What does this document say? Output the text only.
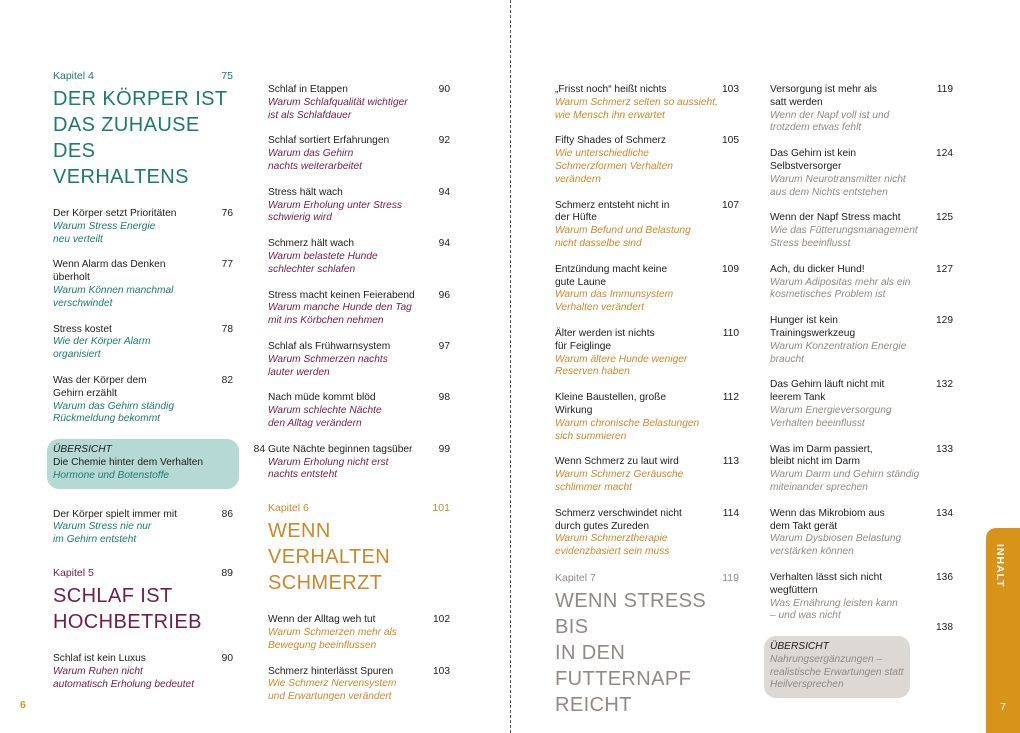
Kapitel 4	75
DER KÖRPER IST
DAS ZUHAUSE
DES VERHALTENS
Der Körper setzt Prioritäten
Warum Stress Energie
neu verteilt
76
Wenn Alarm das Denken
überholt
Warum Können manchmal
verschwindet
77
Stress kostet
Wie der Körper Alarm
organisiert
78
Was der Körper dem
Gehirn erzählt
Warum das Gehirn ständig
Rückmeldung bekommt
82
ÜBERSICHT
Die Chemie hinter dem Verhalten
Hormone und Botenstoffe
84
Der Körper spielt immer mit
Warum Stress nie nur
im Gehirn entsteht
86
Kapitel 5	89
SCHLAF IST
HOCHBETRIEB
Schlaf ist kein Luxus
Warum Ruhen nicht
automatisch Erholung bedeutet
90
Schlaf in Etappen
Warum Schlafqualität wichtiger
ist als Schlafdauer
90
Schlaf sortiert Erfahrungen
Warum das Gehirn
nachts weiterarbeitet
92
Stress hält wach
Warum Erholung unter Stress
schwierig wird
94
Schmerz hält wach
Warum belastete Hunde
schlechter schlafen
94
Stress macht keinen Feierabend
Warum manche Hunde den Tag
mit ins Körbchen nehmen
96
Schlaf als Frühwarnsystem
Warum Schmerzen nachts
lauter werden
97
Nach müde kommt blöd
Warum schlechte Nächte
den Alltag verändern
98
Gute Nächte beginnen tagsüber
Warum Erholung nicht erst
nachts entsteht
99
Kapitel 6	101
WENN VERHALTEN
SCHMERZT
Wenn der Alltag weh tut
Warum Schmerzen mehr als
Bewegung beeinflussen
102
Schmerz hinterlässt Spuren
Wie Schmerz Nervensystem
und Erwartungen verändert
103
„Frisst noch“ heißt nichts
Warum Schmerz selten so aussieht,
wie Mensch ihn erwartet
103
Fifty Shades of Schmerz
Wie unterschiedliche
Schmerzformen Verhalten
verändern
105
Schmerz entsteht nicht in
der Hüfte
Warum Befund und Belastung
nicht dasselbe sind
107
Entzündung macht keine
gute Laune
Warum das Immunsystem
Verhalten verändert
109
Älter werden ist nichts
für Feiglinge
Warum ältere Hunde weniger
Reserven haben
110
Kleine Baustellen, große Wirkung
Warum chronische Belastungen
sich summieren
112
Wenn Schmerz zu laut wird
Warum Schmerz Geräusche
schlimmer macht
113
Schmerz verschwindet nicht
durch gutes Zureden
Warum Schmerztherapie
evidenzbasiert sein muss
114
Kapitel 7	119
WENN STRESS BIS
IN DEN FUTTERNAPF
REICHT
Versorgung ist mehr als
satt werden
Wenn der Napf voll ist und
trotzdem etwas fehlt
119
Das Gehirn ist kein Selbstversorger
Warum Neurotransmitter nicht
aus dem Nichts entstehen
124
Wenn der Napf Stress macht
Wie das Fütterungsmanagement
Stress beeinflusst
125
Ach, du dicker Hund!
Warum Adipositas mehr als ein
kosmetisches Problem ist
127
Hunger ist kein Trainingswerkzeug
Warum Konzentration Energie
braucht
129
Das Gehirn läuft nicht mit
leerem Tank
Warum Energieversorgung
Verhalten beeinflusst
132
Was im Darm passiert,
bleibt nicht im Darm
Warum Darm und Gehirn ständig
miteinander sprechen
133
Wenn das Mikrobiom aus
dem Takt gerät
Warum Dysbiosen Belastung
verstärken können
134
Verhalten lässt sich nicht
wegfüttern
Was Ernährung leisten kann
– und was nicht
136
ÜBERSICHT
Nahrungsergänzungen –
realistische Erwartungen statt
Heilversprechen
138
6
INHALT
7
